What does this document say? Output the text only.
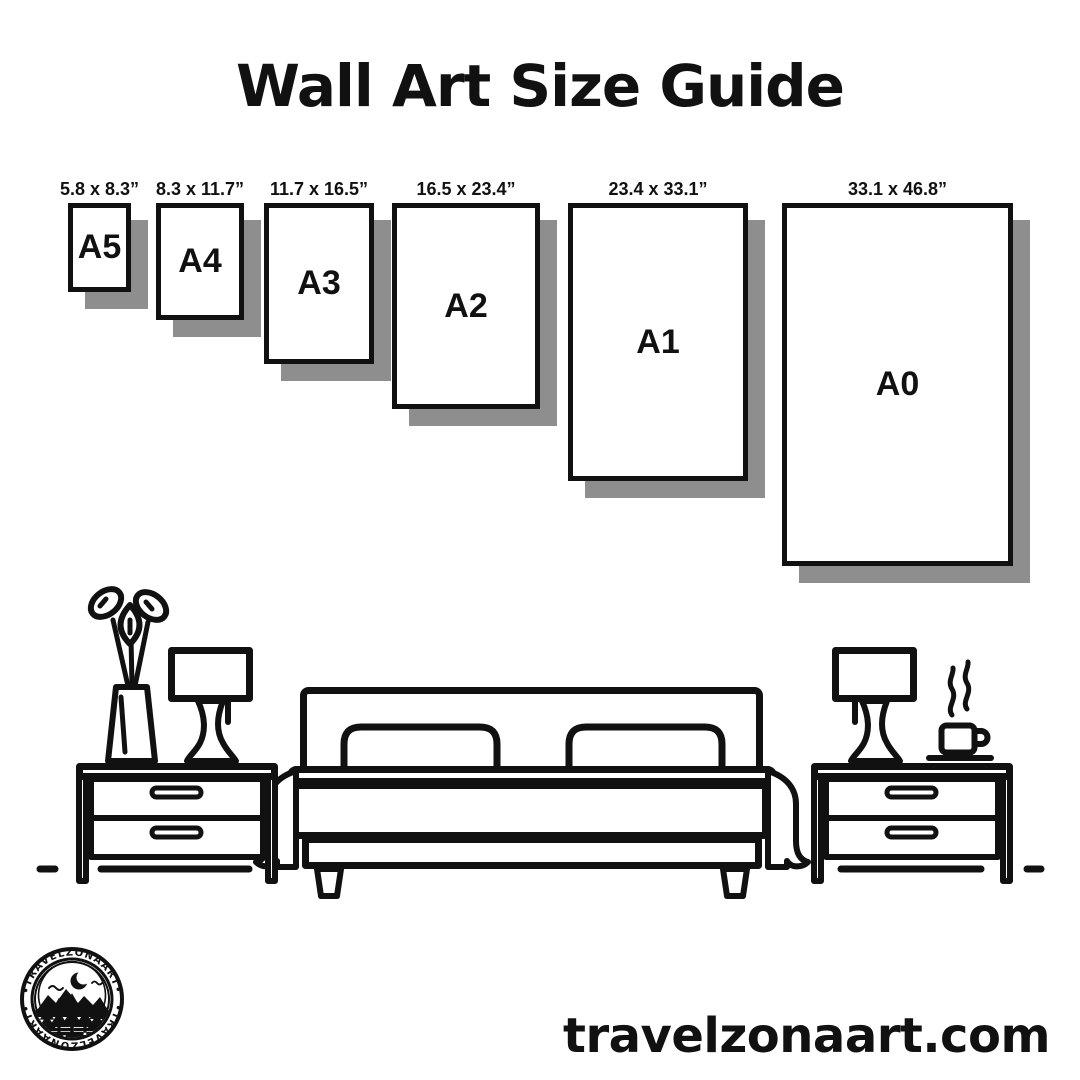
Wall Art Size Guide
5.8 x 8.3”
A5
8.3 x 11.7”
A4
11.7 x 16.5”
A3
16.5 x 23.4”
A2
23.4 x 33.1”
A1
33.1 x 46.8”
A0
•TRAVELZONAART•
•TRAVELZONAART•
travelzonaart.com
